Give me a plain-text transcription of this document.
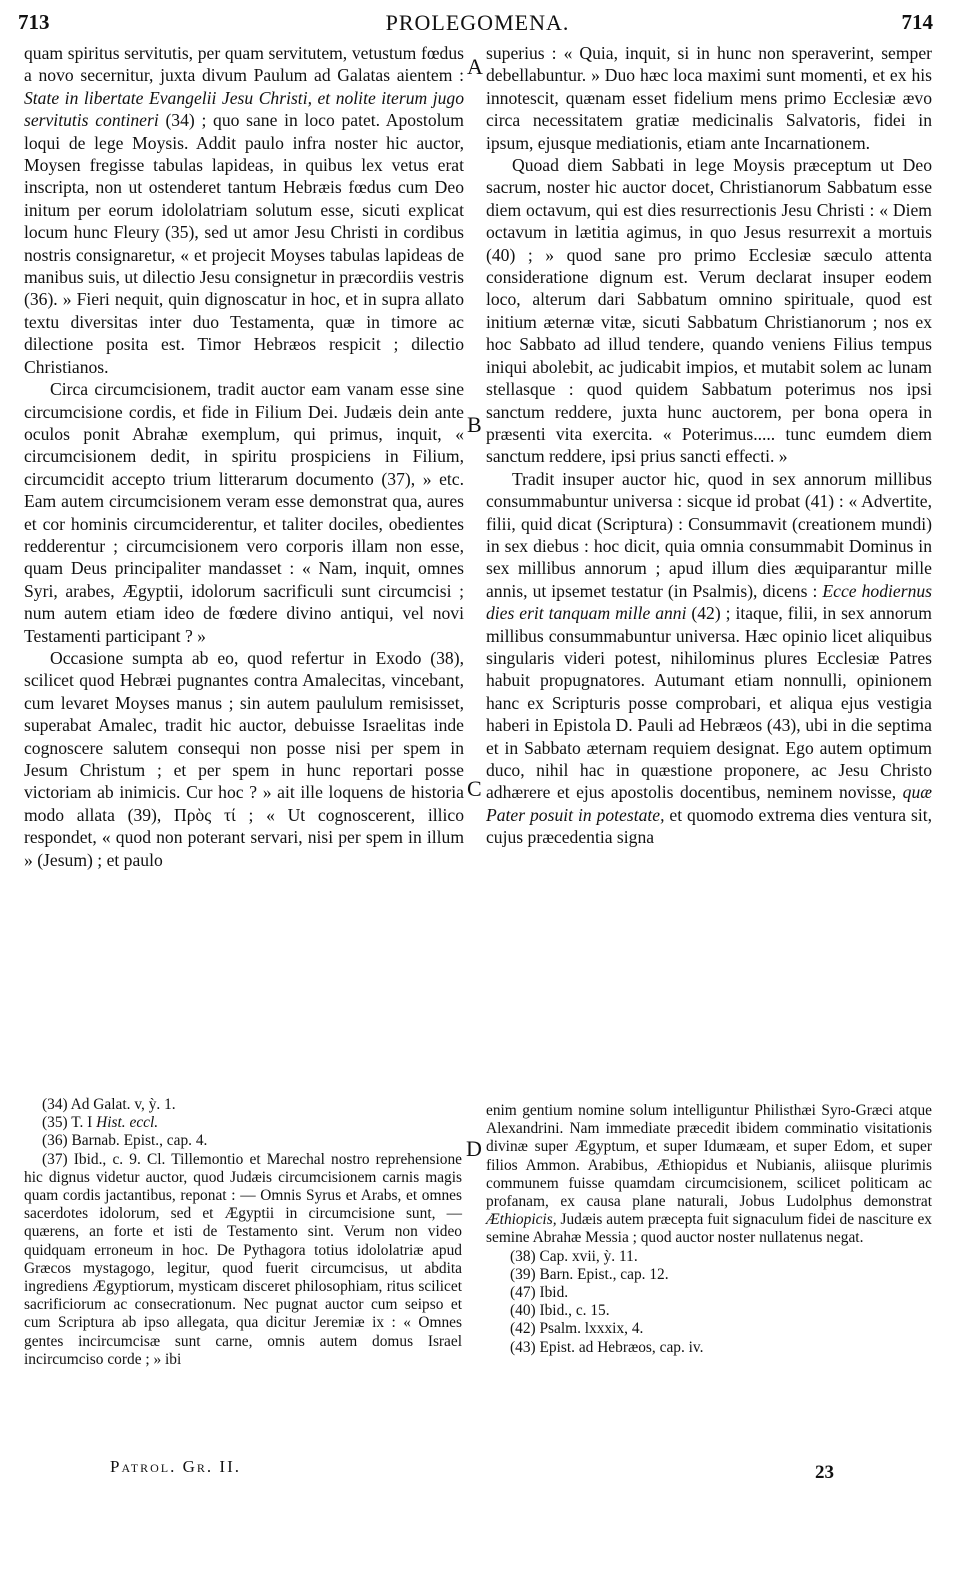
713	PROLEGOMENA.	714
A
B
C
D

quam spiritus servitutis, per quam servitutem, vetustum fœdus a novo secernitur, juxta divum Paulum ad Galatas aientem : State in libertate Evangelii Jesu Christi, et nolite iterum jugo servitutis contineri (34) ; quo sane in loco patet. Apostolum loqui de lege Moysis. Addit paulo infra noster hic auctor, Moysen fregisse tabulas lapideas, in quibus lex vetus erat inscripta, non ut ostenderet tantum Hebræis fœdus cum Deo initum per eorum idololatriam solutum esse, sicuti explicat locum hunc Fleury (35), sed ut amor Jesu Christi in cordibus nostris consignaretur, « et projecit Moyses tabulas lapideas de manibus suis, ut dilectio Jesu consignetur in præcordiis vestris (36). » Fieri nequit, quin dignoscatur in hoc, et in supra allato textu diversitas inter duo Testamenta, quæ in timore ac dilectione posita est. Timor Hebræos respicit ; dilectio Christianos.

Circa circumcisionem, tradit auctor eam vanam esse sine circumcisione cordis, et fide in Filium Dei. Judæis dein ante oculos ponit Abrahæ exemplum, qui primus, inquit, « circumcisionem dedit, in spiritu prospiciens in Filium, circumcidit accepto trium litterarum documento (37), » etc. Eam autem circumcisionem veram esse demonstrat qua, aures et cor hominis circumciderentur, et taliter dociles, obedientes redderentur ; circumcisionem vero corporis illam non esse, quam Deus principaliter mandasset : « Nam, inquit, omnes Syri, arabes, Ægyptii, idolorum sacrificuli sunt circumcisi ; num autem etiam ideo de fœdere divino antiqui, vel novi Testamenti participant ? »

Occasione sumpta ab eo, quod refertur in Exodo (38), scilicet quod Hebræi pugnantes contra Amalecitas, vincebant, cum levaret Moyses manus ; sin autem paululum remisisset, superabat Amalec, tradit hic auctor, debuisse Israelitas inde cognoscere salutem consequi non posse nisi per spem in Jesum Christum ; et per spem in hunc reportari posse victoriam ab inimicis. Cur hoc ? » ait ille loquens de historia modo allata (39), Πρὸς τί ; « Ut cognoscerent, illico respondet, « quod non poterant servari, nisi per spem in illum » (Jesum) ; et paulo

superius : « Quia, inquit, si in hunc non speraverint, semper debellabuntur. » Duo hæc loca maximi sunt momenti, et ex his innotescit, quænam esset fidelium mens primo Ecclesiæ ævo circa necessitatem gratiæ medicinalis Salvatoris, fidei in ipsum, ejusque mediationis, etiam ante Incarnationem.

Quoad diem Sabbati in lege Moysis præceptum ut Deo sacrum, noster hic auctor docet, Christianorum Sabbatum esse diem octavum, qui est dies resurrectionis Jesu Christi : « Diem octavum in lætitia agimus, in quo Jesus resurrexit a mortuis (40) ; » quod sane pro primo Ecclesiæ sæculo attenta consideratione dignum est. Verum declarat insuper eodem loco, alterum dari Sabbatum omnino spirituale, quod est initium æternæ vitæ, sicuti Sabbatum Christianorum ; nos ex hoc Sabbato ad illud tendere, quando veniens Filius tempus iniqui abolebit, ac judicabit impios, et mutabit solem ac lunam stellasque : quod quidem Sabbatum poterimus nos ipsi sanctum reddere, juxta hunc auctorem, per bona opera in præsenti vita exercita. « Poterimus..... tunc eumdem diem sanctum reddere, ipsi prius sancti effecti. »

Tradit insuper auctor hic, quod in sex annorum millibus consummabuntur universa : sicque id probat (41) : « Advertite, filii, quid dicat (Scriptura) : Consummavit (creationem mundi) in sex diebus : hoc dicit, quia omnia consummabit Dominus in sex millibus annorum ; apud illum dies æquiparantur mille annis, ut ipsemet testatur (in Psalmis), dicens : Ecce hodiernus dies erit tanquam mille anni (42) ; itaque, filii, in sex annorum millibus consummabuntur universa. Hæc opinio licet aliquibus singularis videri potest, nihilominus plures Ecclesiæ Patres habuit propugnatores. Autumant etiam nonnulli, opinionem hanc ex Scripturis posse comprobari, et aliqua ejus vestigia haberi in Epistola D. Pauli ad Hebræos (43), ubi in die septima et in Sabbato æternam requiem designat. Ego autem optimum duco, nihil hac in quæstione proponere, ac Jesu Christo adhærere et ejus apostolis docentibus, neminem novisse, quæ Pater posuit in potestate, et quomodo extrema dies ventura sit, cujus præcedentia signa

(34) Ad Galat. v, ỳ. 1.

(35) T. I Hist. eccl.

(36) Barnab. Epist., cap. 4.

(37) Ibid., c. 9. Cl. Tillemontio et Marechal nostro reprehensione hic dignus videtur auctor, quod Judæis circumcisionem carnis magis quam cordis jactantibus, reponat : — Omnis Syrus et Arabs, et omnes sacerdotes idolorum, sed et Ægyptii in circumcisione sunt, — quærens, an forte et isti de Testamento sint. Verum non video quidquam erroneum in hoc. De Pythagora totius idololatriæ apud Græcos mystagogo, legitur, quod fuerit circumcisus, ut abdita ingrediens Ægyptiorum, mysticam disceret philosophiam, ritus scilicet sacrificiorum ac consecrationum. Nec pugnat auctor cum seipso et cum Scriptura ab ipso allegata, qua dicitur Jeremiæ ix : « Omnes gentes incircumcisæ sunt carne, omnis autem domus Israel incircumciso corde ; » ibi

enim gentium nomine solum intelliguntur Philisthæi Syro-Græci atque Alexandrini. Nam immediate præcedit ibidem comminatio visitationis divinæ super Ægyptum, et super Idumæam, et super Edom, et super filios Ammon. Arabibus, Æthiopidus et Nubianis, aliisque plurimis communem fuisse quamdam circumcisionem, scilicet politicam ac profanam, ex causa plane naturali, Jobus Ludolphus demonstrat Æthiopicis, Judæis autem præcepta fuit signaculum fidei de nasciture ex semine Abrahæ Messia ; quod auctor noster nullatenus negat.

(38) Cap. xvii, ỳ. 11.

(39) Barn. Epist., cap. 12.

(47) Ibid.

(40) Ibid., c. 15.

(42) Psalm. lxxxix, 4.

(43) Epist. ad Hebræos, cap. iv.

Patrol. Gr. II.	23
